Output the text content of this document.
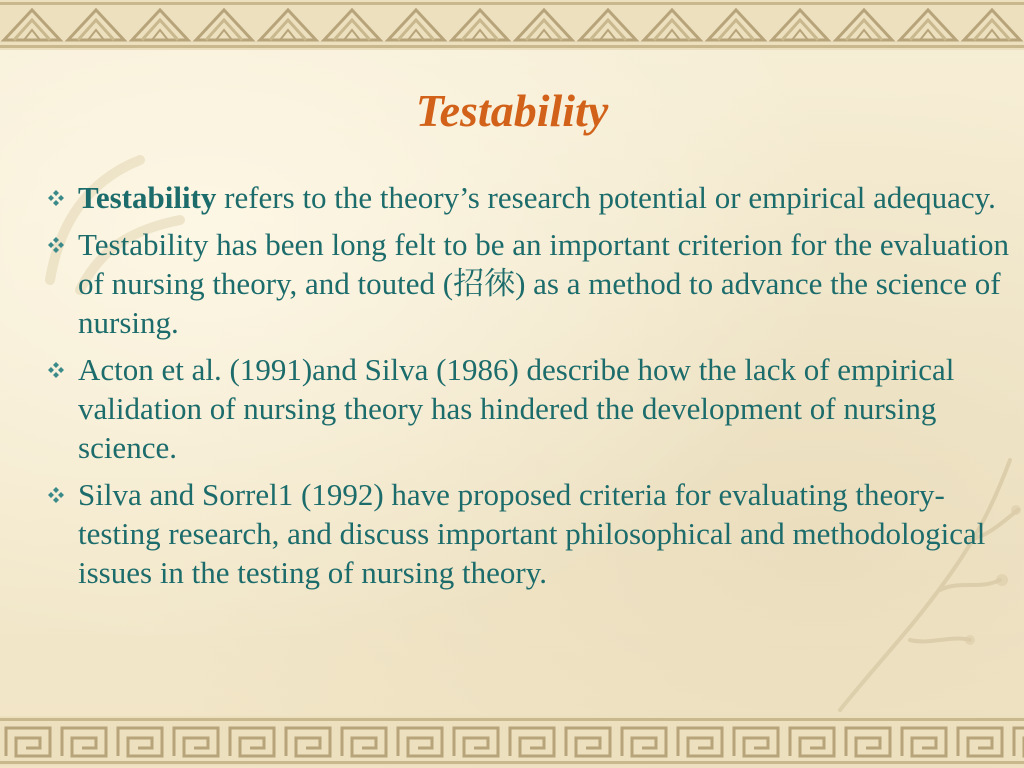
Testability
Testability refers to the theory’s research potential or empirical adequacy.
Testability has been long felt to be an important criterion for the evaluation of nursing theory, and touted (招徠) as a method to advance the science of nursing.
Acton et al. (1991)and Silva (1986) describe how the lack of empirical validation of nursing theory has hindered the development of nursing science.
Silva and Sorrel1 (1992) have proposed criteria for evaluating theory-testing research, and discuss important philosophical and methodological issues in the testing of nursing theory.
